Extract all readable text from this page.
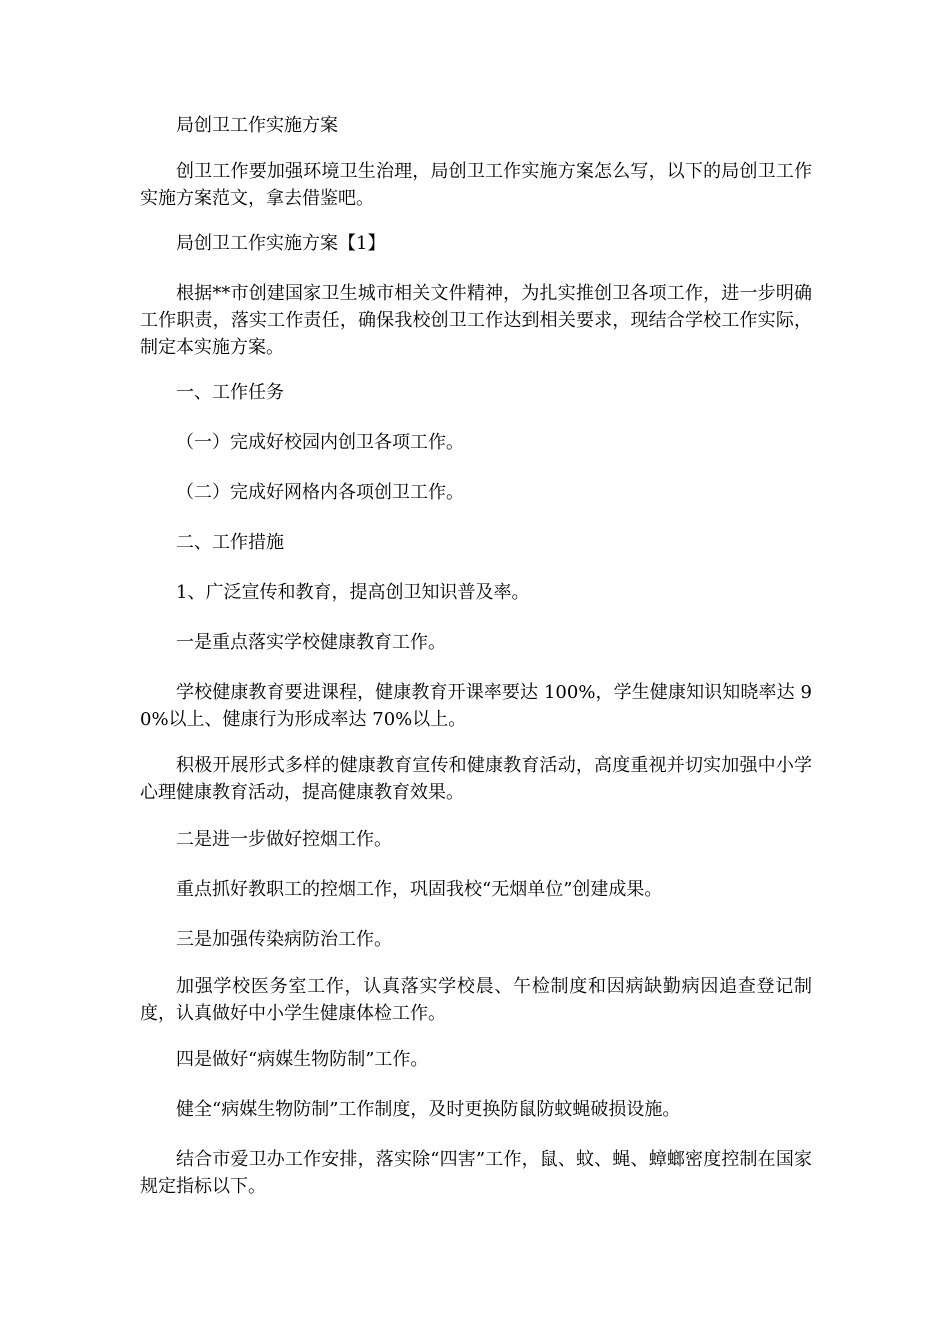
局创卫工作实施方案

创卫工作要加强环境卫生治理，局创卫工作实施方案怎么写，以下的局创卫工作实施方案范文，拿去借鉴吧。

局创卫工作实施方案【1】

根据**市创建国家卫生城市相关文件精神，为扎实推创卫各项工作，进一步明确工作职责，落实工作责任，确保我校创卫工作达到相关要求，现结合学校工作实际，制定本实施方案。

一、工作任务

（一）完成好校园内创卫各项工作。

（二）完成好网格内各项创卫工作。

二、工作措施

1、广泛宣传和教育，提高创卫知识普及率。

一是重点落实学校健康教育工作。

学校健康教育要进课程，健康教育开课率要达 100%，学生健康知识知晓率达 90%以上、健康行为形成率达 70%以上。

积极开展形式多样的健康教育宣传和健康教育活动，高度重视并切实加强中小学心理健康教育活动，提高健康教育效果。

二是进一步做好控烟工作。

重点抓好教职工的控烟工作，巩固我校“无烟单位”创建成果。

三是加强传染病防治工作。

加强学校医务室工作，认真落实学校晨、午检制度和因病缺勤病因追查登记制度，认真做好中小学生健康体检工作。

四是做好“病媒生物防制”工作。

健全“病媒生物防制”工作制度，及时更换防鼠防蚊蝇破损设施。

结合市爱卫办工作安排，落实除“四害”工作，鼠、蚊、蝇、蟑螂密度控制在国家规定指标以下。
